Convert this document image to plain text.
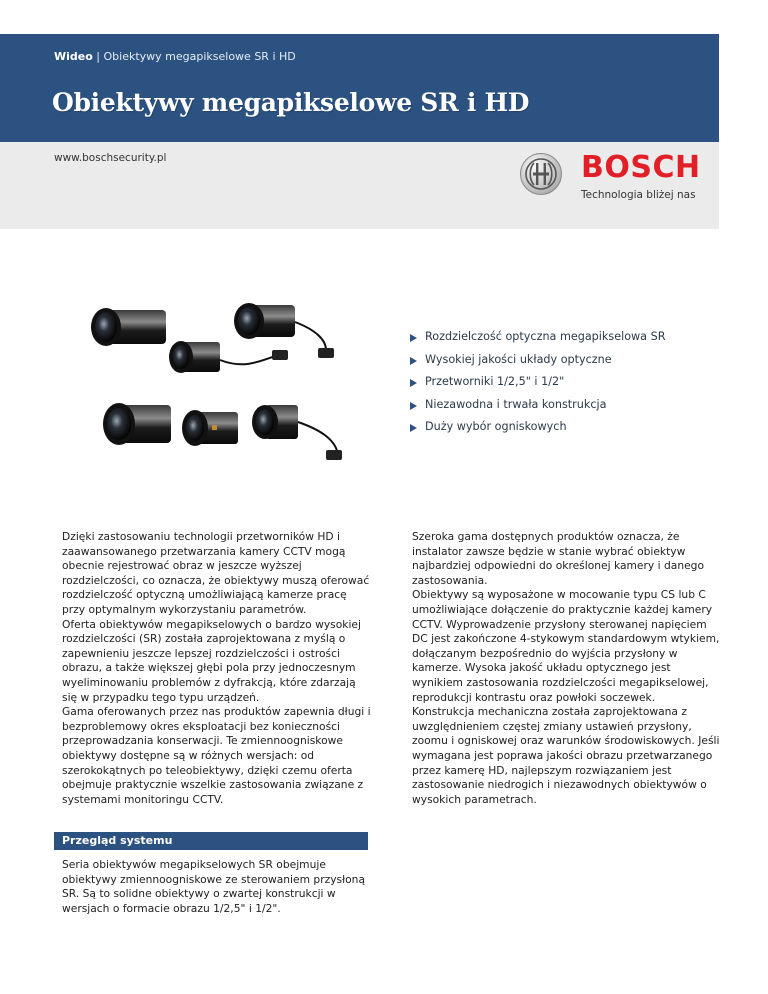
Wideo | Obiektywy megapikselowe SR i HD
Obiektywy megapikselowe SR i HD
www.boschsecurity.pl	BOSCH
Technologia bliżej nas
Rozdzielczość optyczna megapikselowa SR
Wysokiej jakości układy optyczne
Przetworniki 1/2,5" i 1/2"
Niezawodna i trwała konstrukcja
Duży wybór ogniskowych

Dzięki zastosowaniu technologii przetworników HD i zaawansowanego przetwarzania kamery CCTV mogą obecnie rejestrować obraz w jeszcze wyższej rozdzielczości, co oznacza, że obiektywy muszą oferować rozdzielczość optyczną umożliwiającą kamerze pracę przy optymalnym wykorzystaniu parametrów.

Oferta obiektywów megapikselowych o bardzo wysokiej rozdzielczości (SR) została zaprojektowana z myślą o zapewnieniu jeszcze lepszej rozdzielczości i ostrości obrazu, a także większej głębi pola przy jednoczesnym wyeliminowaniu problemów z dyfrakcją, które zdarzają się w przypadku tego typu urządzeń.

Gama oferowanych przez nas produktów zapewnia długi i bezproblemowy okres eksploatacji bez konieczności przeprowadzania konserwacji. Te zmiennoogniskowe obiektywy dostępne są w różnych wersjach: od szerokokątnych po teleobiektywy, dzięki czemu oferta obejmuje praktycznie wszelkie zastosowania związane z systemami monitoringu CCTV.

Szeroka gama dostępnych produktów oznacza, że instalator zawsze będzie w stanie wybrać obiektyw najbardziej odpowiedni do określonej kamery i danego zastosowania.

Obiektywy są wyposażone w mocowanie typu CS lub C umożliwiające dołączenie do praktycznie każdej kamery CCTV. Wyprowadzenie przysłony sterowanej napięciem DC jest zakończone 4-stykowym standardowym wtykiem, dołączanym bezpośrednio do wyjścia przysłony w kamerze. Wysoka jakość układu optycznego jest wynikiem zastosowania rozdzielczości megapikselowej, reprodukcji kontrastu oraz powłoki soczewek.

Konstrukcja mechaniczna została zaprojektowana z uwzględnieniem częstej zmiany ustawień przysłony, zoomu i ogniskowej oraz warunków środowiskowych. Jeśli wymagana jest poprawa jakości obrazu przetwarzanego przez kamerę HD, najlepszym rozwiązaniem jest zastosowanie niedrogich i niezawodnych obiektywów o wysokich parametrach.

Przegląd systemu

Seria obiektywów megapikselowych SR obejmuje obiektywy zmiennoogniskowe ze sterowaniem przysłoną SR. Są to solidne obiektywy o zwartej konstrukcji w wersjach o formacie obrazu 1/2,5" i 1/2".
